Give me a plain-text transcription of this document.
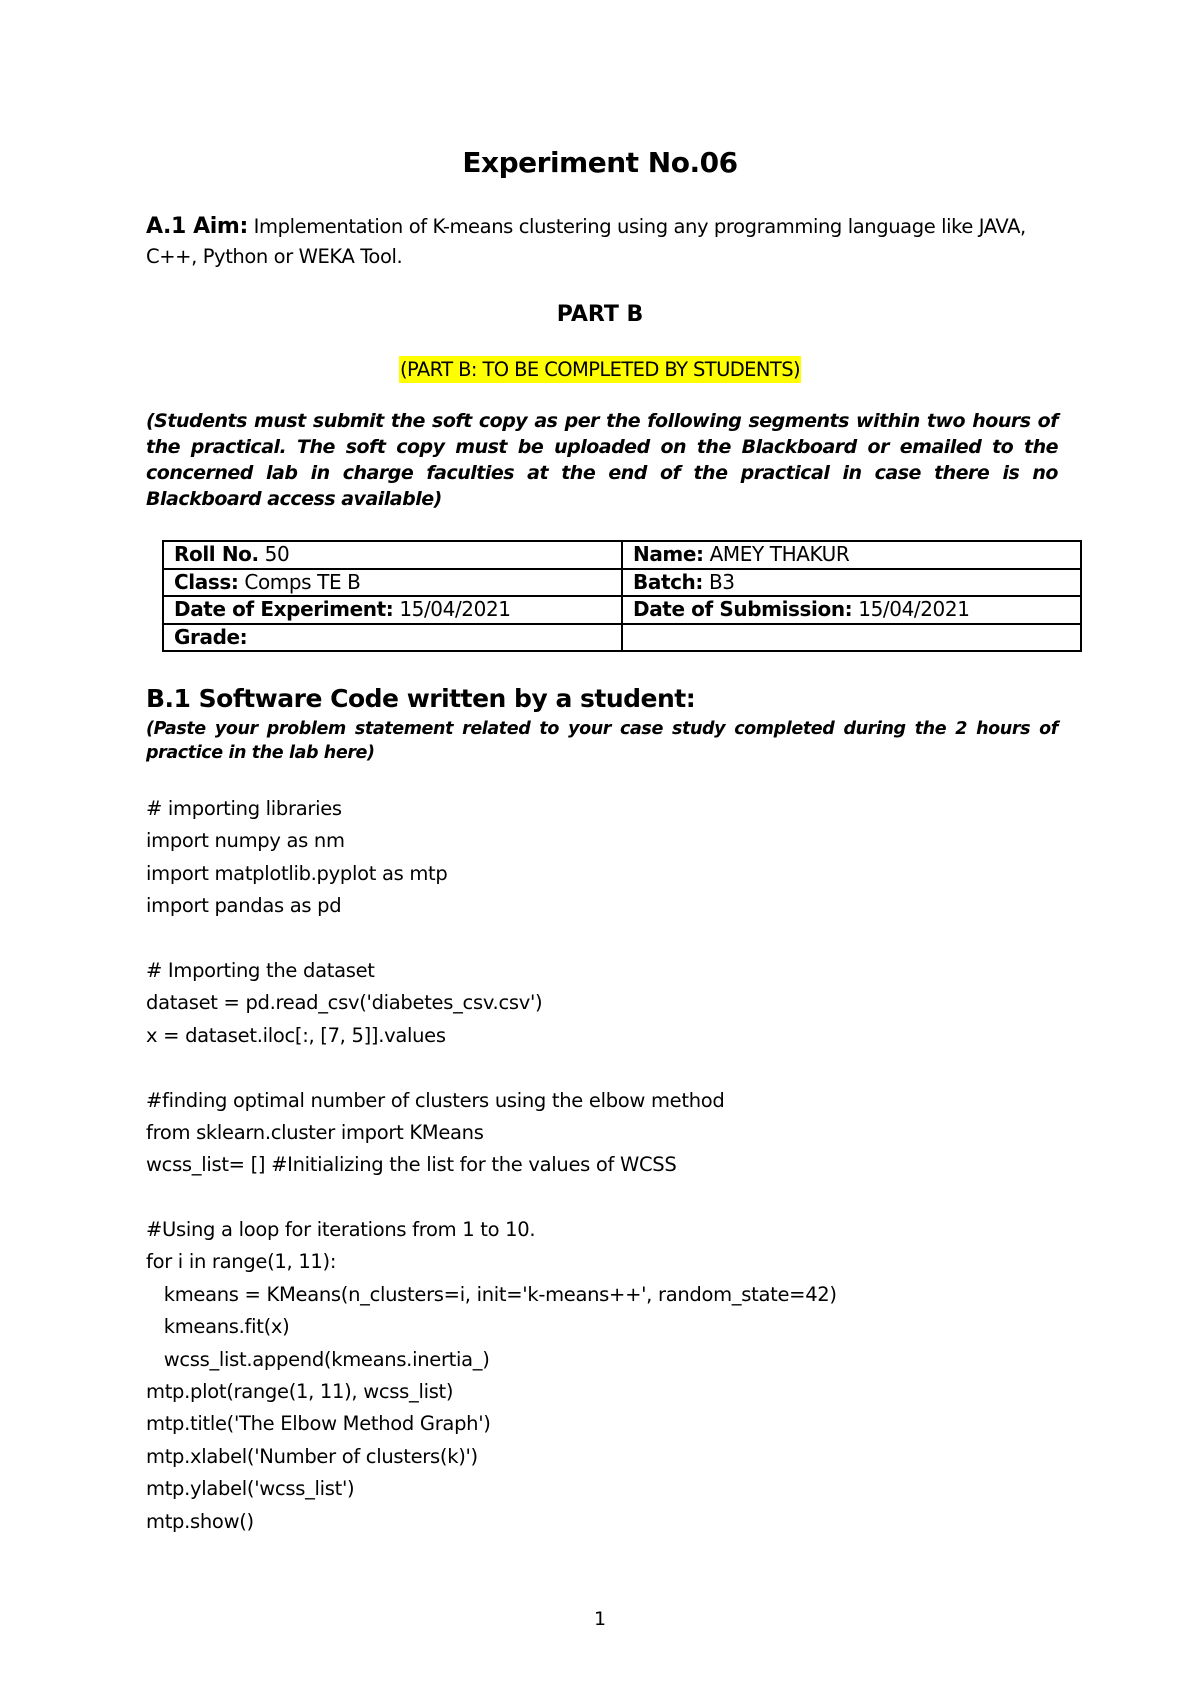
Experiment No.06
A.1 Aim: Implementation of K-means clustering using any programming language like JAVA, C++, Python or WEKA Tool.
PART B
(PART B: TO BE COMPLETED BY STUDENTS)
(Students must submit the soft copy as per the following segments within two hours of the practical. The soft copy must be uploaded on the Blackboard or emailed to the concerned lab in charge faculties at the end of the practical in case there is no Blackboard access available)
Roll No. 50	Name: AMEY THAKUR
Class: Comps TE B	Batch: B3
Date of Experiment: 15/04/2021	Date of Submission: 15/04/2021
Grade:	
B.1 Software Code written by a student:
(Paste your problem statement related to your case study completed during the 2 hours of practice in the lab here)
# importing libraries
import numpy as nm
import matplotlib.pyplot as mtp
import pandas as pd
# Importing the dataset
dataset = pd.read_csv('diabetes_csv.csv')
x = dataset.iloc[:, [7, 5]].values
#finding optimal number of clusters using the elbow method
from sklearn.cluster import KMeans
wcss_list= [] #Initializing the list for the values of WCSS
#Using a loop for iterations from 1 to 10.
for i in range(1, 11):
kmeans = KMeans(n_clusters=i, init='k-means++', random_state=42)
kmeans.fit(x)
wcss_list.append(kmeans.inertia_)
mtp.plot(range(1, 11), wcss_list)
mtp.title('The Elbow Method Graph')
mtp.xlabel('Number of clusters(k)')
mtp.ylabel('wcss_list')
mtp.show()
1
